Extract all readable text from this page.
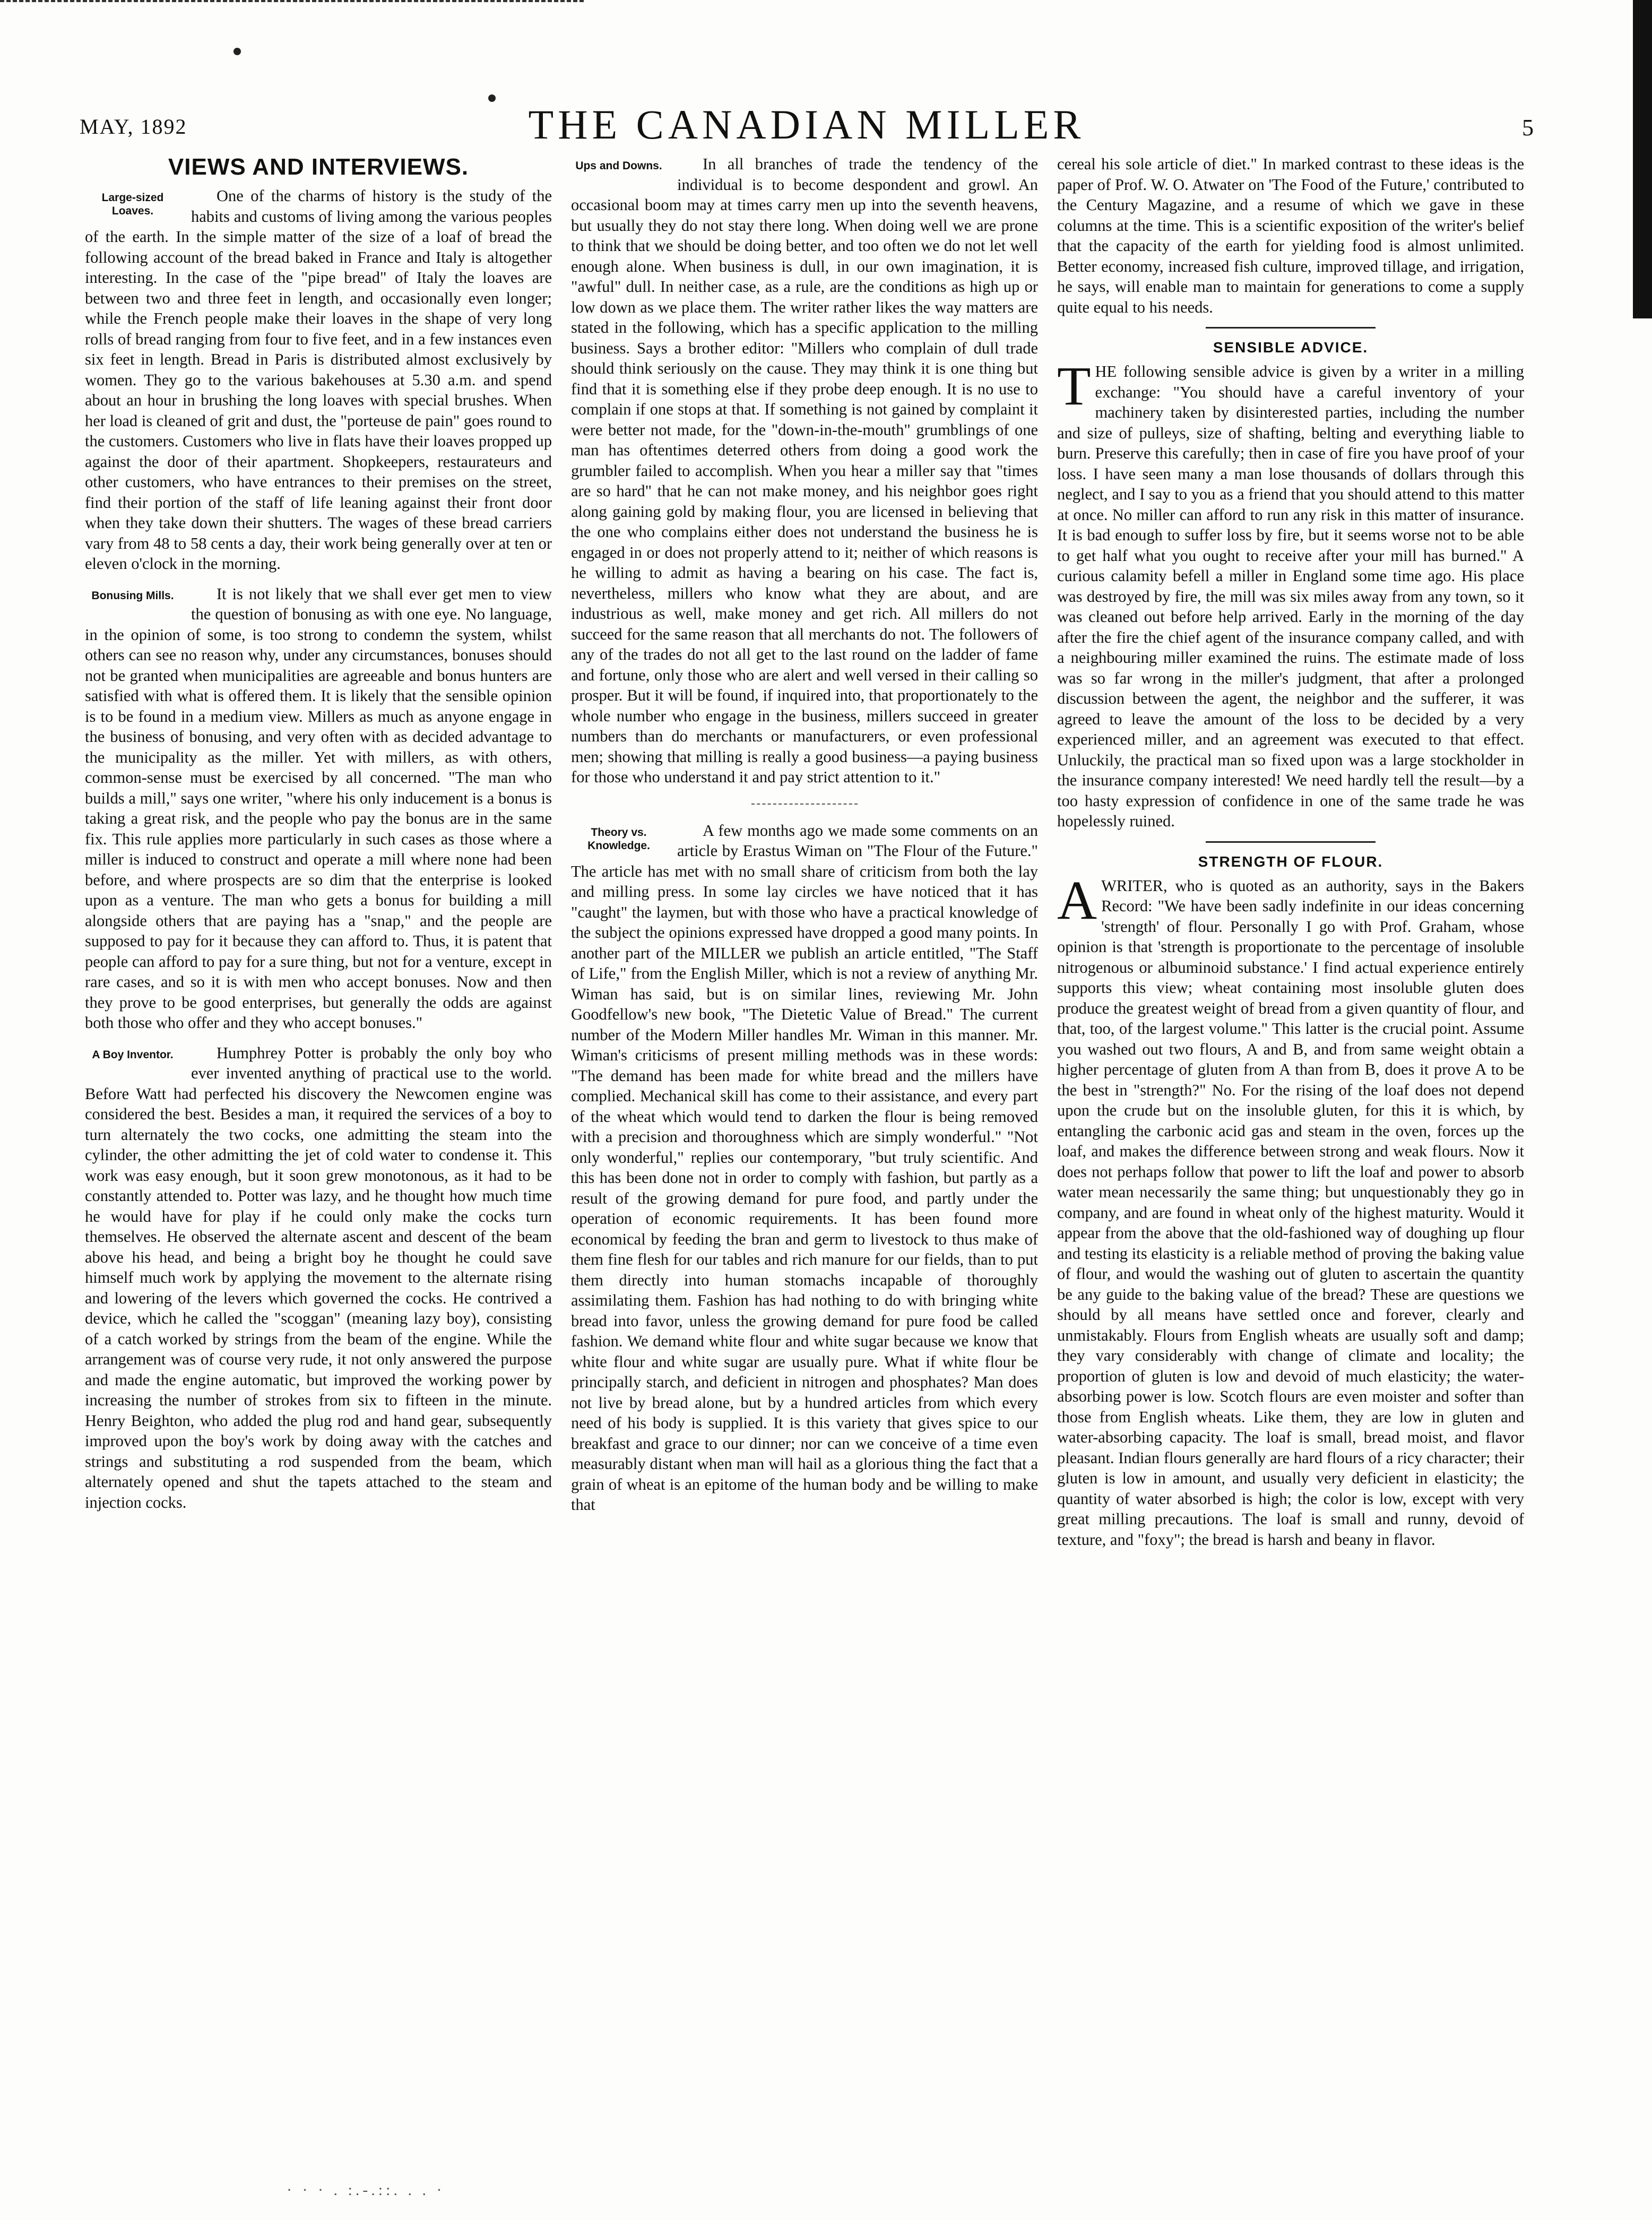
MAY, 1892	THE CANADIAN MILLER	5
VIEWS AND INTERVIEWS.
Large-sized Loaves.

One of the charms of history is the study of the habits and customs of living among the various peoples of the earth. In the simple matter of the size of a loaf of bread the following account of the bread baked in France and Italy is altogether interesting. In the case of the "pipe bread" of Italy the loaves are between two and three feet in length, and occasionally even longer; while the French people make their loaves in the shape of very long rolls of bread ranging from four to five feet, and in a few instances even six feet in length. Bread in Paris is distributed almost exclusively by women. They go to the various bakehouses at 5.30 a.m. and spend about an hour in brushing the long loaves with special brushes. When her load is cleaned of grit and dust, the "porteuse de pain" goes round to the customers. Customers who live in flats have their loaves propped up against the door of their apartment. Shopkeepers, restaurateurs and other customers, who have entrances to their premises on the street, find their portion of the staff of life leaning against their front door when they take down their shutters. The wages of these bread carriers vary from 48 to 58 cents a day, their work being generally over at ten or eleven o'clock in the morning.

Bonusing Mills.	It is not likely that we shall ever get men to view the question of bonusing as with one eye. No language, in the opinion of some, is too strong to condemn the system, whilst others can see no reason why, under any circumstances, bonuses should not be granted when municipalities are agreeable and bonus hunters are satisfied with what is offered them. It is likely that the sensible opinion is to be found in a medium view. Millers as much as anyone engage in the business of bonusing, and very often with as decided advantage to the municipality as the miller. Yet with millers, as with others, common-sense must be exercised by all concerned. "The man who builds a mill," says one writer, "where his only inducement is a bonus is taking a great risk, and the people who pay the bonus are in the same fix. This rule applies more particularly in such cases as those where a miller is induced to construct and operate a mill where none had been before, and where prospects are so dim that the enterprise is looked upon as a venture. The man who gets a bonus for building a mill alongside others that are paying has a "snap," and the people are supposed to pay for it because they can afford to. Thus, it is patent that people can afford to pay for a sure thing, but not for a venture, except in rare cases, and so it is with men who accept bonuses. Now and then they prove to be good enterprises, but generally the odds are against both those who offer and they who accept bonuses."

A Boy Inventor.	Humphrey Potter is probably the only boy who ever invented anything of practical use to the world. Before Watt had perfected his discovery the Newcomen engine was considered the best. Besides a man, it required the services of a boy to turn alternately the two cocks, one admitting the steam into the cylinder, the other admitting the jet of cold water to condense it. This work was easy enough, but it soon grew monotonous, as it had to be constantly attended to. Potter was lazy, and he thought how much time he would have for play if he could only make the cocks turn themselves. He observed the alternate ascent and descent of the beam above his head, and being a bright boy he thought he could save himself much work by applying the movement to the alternate rising and lowering of the levers which governed the cocks. He contrived a device, which he called the "scoggan" (meaning lazy boy), consisting of a catch worked by strings from the beam of the engine. While the arrangement was of course very rude, it not only answered the purpose and made the engine automatic, but improved the working power by increasing the number of strokes from six to fifteen in the minute. Henry Beighton, who added the plug rod and hand gear, subsequently improved upon the boy's work by doing away with the catches and strings and substituting a rod suspended from the beam, which alternately opened and shut the tapets attached to the steam and injection cocks.

Ups and Downs.	In all branches of trade the tendency of the individual is to become despondent and growl. An occasional boom may at times carry men up into the seventh heavens, but usually they do not stay there long. When doing well we are prone to think that we should be doing better, and too often we do not let well enough alone. When business is dull, in our own imagination, it is "awful" dull. In neither case, as a rule, are the conditions as high up or low down as we place them. The writer rather likes the way matters are stated in the following, which has a specific application to the milling business. Says a brother editor: "Millers who complain of dull trade should think seriously on the cause. They may think it is one thing but find that it is something else if they probe deep enough. It is no use to complain if one stops at that. If something is not gained by complaint it were better not made, for the "down-in-the-mouth" grumblings of one man has oftentimes deterred others from doing a good work the grumbler failed to accomplish. When you hear a miller say that "times are so hard" that he can not make money, and his neighbor goes right along gaining gold by making flour, you are licensed in believing that the one who complains either does not understand the business he is engaged in or does not properly attend to it; neither of which reasons is he willing to admit as having a bearing on his case. The fact is, nevertheless, millers who know what they are about, and are industrious as well, make money and get rich. All millers do not succeed for the same reason that all merchants do not. The followers of any of the trades do not all get to the last round on the ladder of fame and fortune, only those who are alert and well versed in their calling so prosper. But it will be found, if inquired into, that proportionately to the whole number who engage in the business, millers succeed in greater numbers than do merchants or manufacturers, or even professional men; showing that milling is really a good business—a paying business for those who understand it and pay strict attention to it."

Theory vs. Knowledge.

A few months ago we made some comments on an article by Erastus Wiman on "The Flour of the Future." The article has met with no small share of criticism from both the lay and milling press. In some lay circles we have noticed that it has "caught" the laymen, but with those who have a practical knowledge of the subject the opinions expressed have dropped a good many points. In another part of the MILLER we publish an article entitled, "The Staff of Life," from the English Miller, which is not a review of anything Mr. Wiman has said, but is on similar lines, reviewing Mr. John Goodfellow's new book, "The Dietetic Value of Bread." The current number of the Modern Miller handles Mr. Wiman in this manner. Mr. Wiman's criticisms of present milling methods was in these words: "The demand has been made for white bread and the millers have complied. Mechanical skill has come to their assistance, and every part of the wheat which would tend to darken the flour is being removed with a precision and thoroughness which are simply wonderful." "Not only wonderful," replies our contemporary, "but truly scientific. And this has been done not in order to comply with fashion, but partly as a result of the growing demand for pure food, and partly under the operation of economic requirements. It has been found more economical by feeding the bran and germ to livestock to thus make of them fine flesh for our tables and rich manure for our fields, than to put them directly into human stomachs incapable of thoroughly assimilating them. Fashion has had nothing to do with bringing white bread into favor, unless the growing demand for pure food be called fashion. We demand white flour and white sugar because we know that white flour and white sugar are usually pure. What if white flour be principally starch, and deficient in nitrogen and phosphates? Man does not live by bread alone, but by a hundred articles from which every need of his body is supplied. It is this variety that gives spice to our breakfast and grace to our dinner; nor can we conceive of a time even measurably distant when man will hail as a glorious thing the fact that a grain of wheat is an epitome of the human body and be willing to make that

cereal his sole article of diet." In marked contrast to these ideas is the paper of Prof. W. O. Atwater on 'The Food of the Future,' contributed to the Century Magazine, and a resume of which we gave in these columns at the time. This is a scientific exposition of the writer's belief that the capacity of the earth for yielding food is almost unlimited. Better economy, increased fish culture, improved tillage, and irrigation, he says, will enable man to maintain for generations to come a supply quite equal to his needs.

SENSIBLE ADVICE.

THE following sensible advice is given by a writer in a milling exchange: "You should have a careful inventory of your machinery taken by disinterested parties, including the number and size of pulleys, size of shafting, belting and everything liable to burn. Preserve this carefully; then in case of fire you have proof of your loss. I have seen many a man lose thousands of dollars through this neglect, and I say to you as a friend that you should attend to this matter at once. No miller can afford to run any risk in this matter of insurance. It is bad enough to suffer loss by fire, but it seems worse not to be able to get half what you ought to receive after your mill has burned." A curious calamity befell a miller in England some time ago. His place was destroyed by fire, the mill was six miles away from any town, so it was cleaned out before help arrived. Early in the morning of the day after the fire the chief agent of the insurance company called, and with a neighbouring miller examined the ruins. The estimate made of loss was so far wrong in the miller's judgment, that after a prolonged discussion between the agent, the neighbor and the sufferer, it was agreed to leave the amount of the loss to be decided by a very experienced miller, and an agreement was executed to that effect. Unluckily, the practical man so fixed upon was a large stockholder in the insurance company interested! We need hardly tell the result—by a too hasty expression of confidence in one of the same trade he was hopelessly ruined.

STRENGTH OF FLOUR.

AWRITER, who is quoted as an authority, says in the Bakers Record: "We have been sadly indefinite in our ideas concerning 'strength' of flour. Personally I go with Prof. Graham, whose opinion is that 'strength is proportionate to the percentage of insoluble nitrogenous or albuminoid substance.' I find actual experience entirely supports this view; wheat containing most insoluble gluten does produce the greatest weight of bread from a given quantity of flour, and that, too, of the largest volume." This latter is the crucial point. Assume you washed out two flours, A and B, and from same weight obtain a higher percentage of gluten from A than from B, does it prove A to be the best in "strength?" No. For the rising of the loaf does not depend upon the crude but on the insoluble gluten, for this it is which, by entangling the carbonic acid gas and steam in the oven, forces up the loaf, and makes the difference between strong and weak flours. Now it does not perhaps follow that power to lift the loaf and power to absorb water mean necessarily the same thing; but unquestionably they go in company, and are found in wheat only of the highest maturity. Would it appear from the above that the old-fashioned way of doughing up flour and testing its elasticity is a reliable method of proving the baking value of flour, and would the washing out of gluten to ascertain the quantity be any guide to the baking value of the bread? These are questions we should by all means have settled once and forever, clearly and unmistakably. Flours from English wheats are usually soft and damp; they vary considerably with change of climate and locality; the proportion of gluten is low and devoid of much elasticity; the water-absorbing power is low. Scotch flours are even moister and softer than those from English wheats. Like them, they are low in gluten and water-absorbing capacity. The loaf is small, bread moist, and flavor pleasant. Indian flours generally are hard flours of a ricy character; their gluten is low in amount, and usually very deficient in elasticity; the quantity of water absorbed is high; the color is low, except with very great milling precautions. The loaf is small and runny, devoid of texture, and "foxy"; the bread is harsh and beany in flavor.

· · · . :.-.::. . . ·
